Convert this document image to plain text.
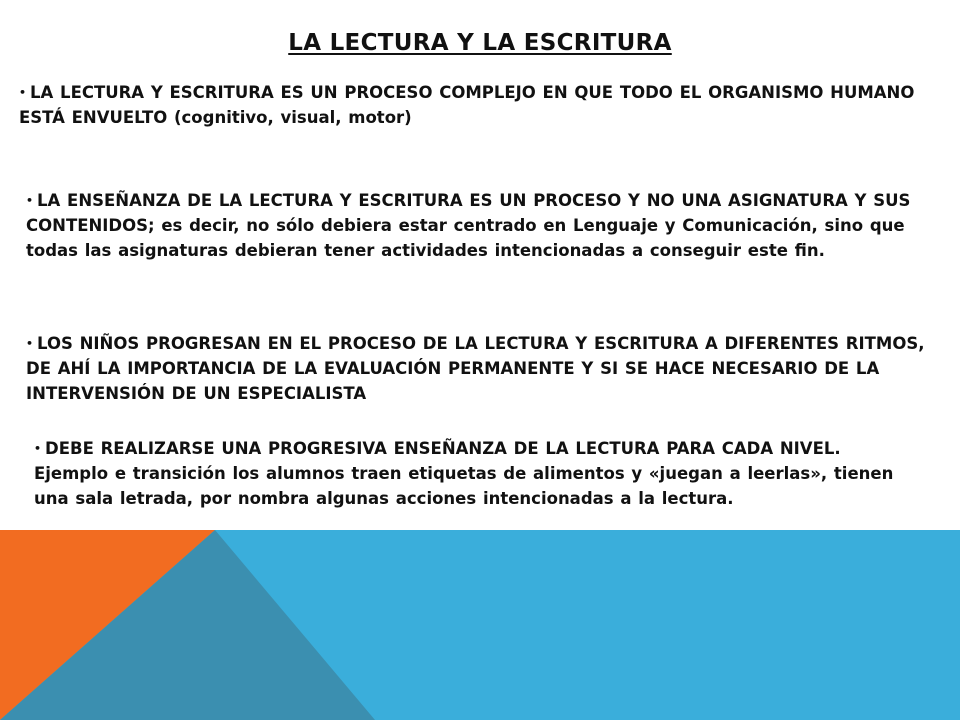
LA LECTURA Y LA ESCRITURA

• LA LECTURA Y ESCRITURA ES UN PROCESO COMPLEJO EN QUE TODO EL ORGANISMO HUMANO ESTÁ ENVUELTO (cognitivo, visual, motor)

• LA ENSEÑANZA DE LA LECTURA Y ESCRITURA ES UN PROCESO Y NO UNA ASIGNATURA Y SUS CONTENIDOS; es decir, no sólo debiera estar centrado en Lenguaje y Comunicación, sino que todas las asignaturas debieran tener actividades intencionadas a conseguir este fin.

• LOS NIÑOS PROGRESAN EN EL PROCESO DE LA LECTURA Y ESCRITURA A DIFERENTES RITMOS, DE AHÍ LA IMPORTANCIA DE LA EVALUACIÓN PERMANENTE Y SI SE HACE NECESARIO DE LA INTERVENSIÓN DE UN ESPECIALISTA

• DEBE REALIZARSE UNA PROGRESIVA ENSEÑANZA DE LA LECTURA PARA CADA NIVEL. Ejemplo e transición los alumnos traen etiquetas de alimentos y «juegan a leerlas», tienen una sala letrada, por nombra algunas acciones intencionadas a la lectura.
